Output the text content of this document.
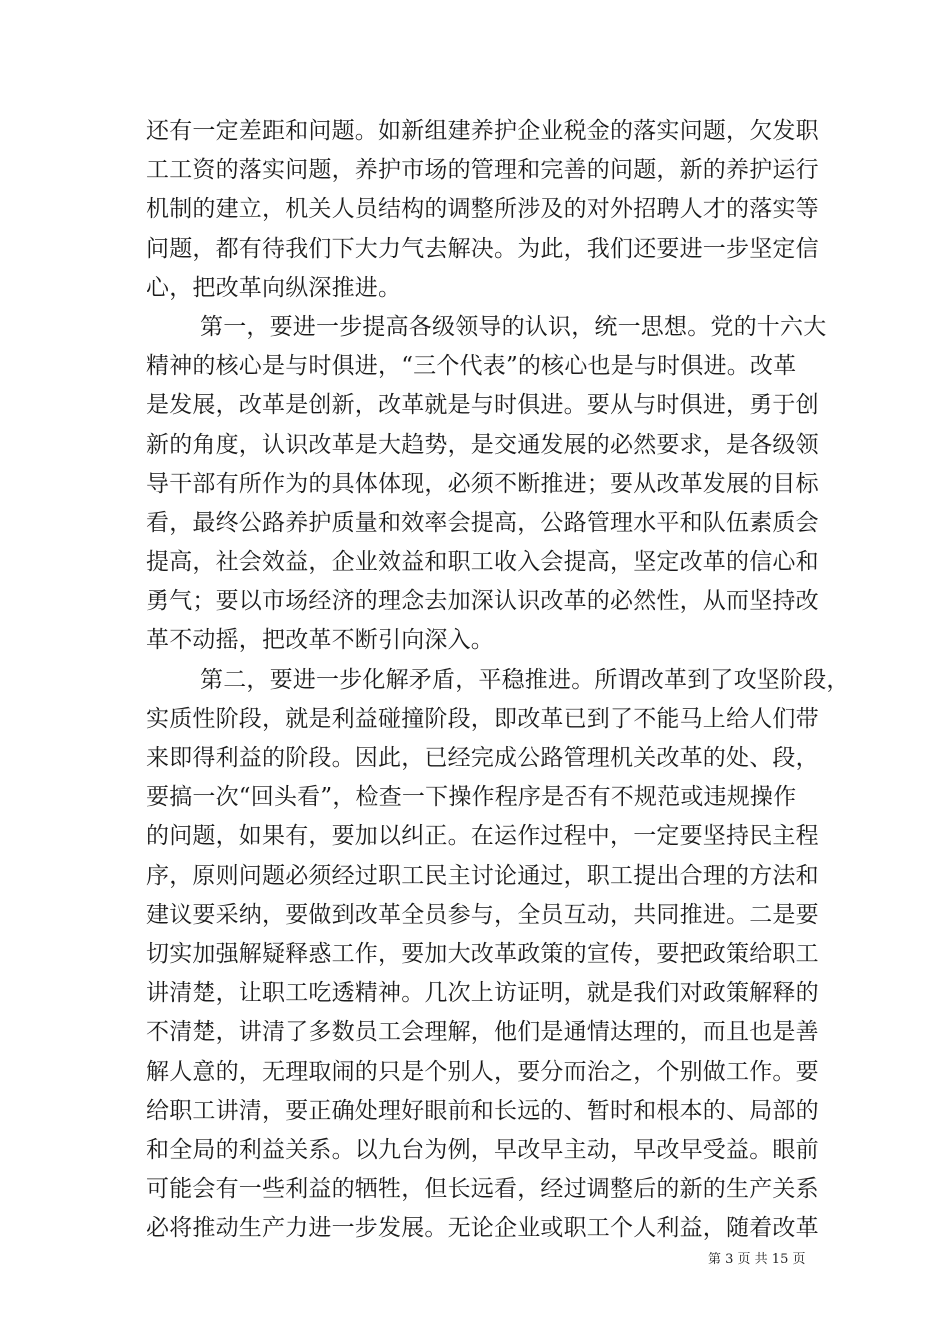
还有一定差距和问题。如新组建养护企业税金的落实问题，欠发职
工工资的落实问题，养护市场的管理和完善的问题，新的养护运行
机制的建立，机关人员结构的调整所涉及的对外招聘人才的落实等
问题，都有待我们下大力气去解决。为此，我们还要进一步坚定信
心，把改革向纵深推进。
第一，要进一步提高各级领导的认识，统一思想。党的十六大
精神的核心是与时俱进，“三个代表”的核心也是与时俱进。改革
是发展，改革是创新，改革就是与时俱进。要从与时俱进，勇于创
新的角度，认识改革是大趋势，是交通发展的必然要求，是各级领
导干部有所作为的具体体现，必须不断推进；要从改革发展的目标
看，最终公路养护质量和效率会提高，公路管理水平和队伍素质会
提高，社会效益，企业效益和职工收入会提高，坚定改革的信心和
勇气；要以市场经济的理念去加深认识改革的必然性，从而坚持改
革不动摇，把改革不断引向深入。
第二，要进一步化解矛盾，平稳推进。所谓改革到了攻坚阶段，
实质性阶段，就是利益碰撞阶段，即改革已到了不能马上给人们带
来即得利益的阶段。因此，已经完成公路管理机关改革的处、段，
要搞一次“回头看”，检查一下操作程序是否有不规范或违规操作
的问题，如果有，要加以纠正。在运作过程中，一定要坚持民主程
序，原则问题必须经过职工民主讨论通过，职工提出合理的方法和
建议要采纳，要做到改革全员参与，全员互动，共同推进。二是要
切实加强解疑释惑工作，要加大改革政策的宣传，要把政策给职工
讲清楚，让职工吃透精神。几次上访证明，就是我们对政策解释的
不清楚，讲清了多数员工会理解，他们是通情达理的，而且也是善
解人意的，无理取闹的只是个别人，要分而治之，个别做工作。要
给职工讲清，要正确处理好眼前和长远的、暂时和根本的、局部的
和全局的利益关系。以九台为例，早改早主动，早改早受益。眼前
可能会有一些利益的牺牲，但长远看，经过调整后的新的生产关系
必将推动生产力进一步发展。无论企业或职工个人利益，随着改革
第 3 页 共 15 页
